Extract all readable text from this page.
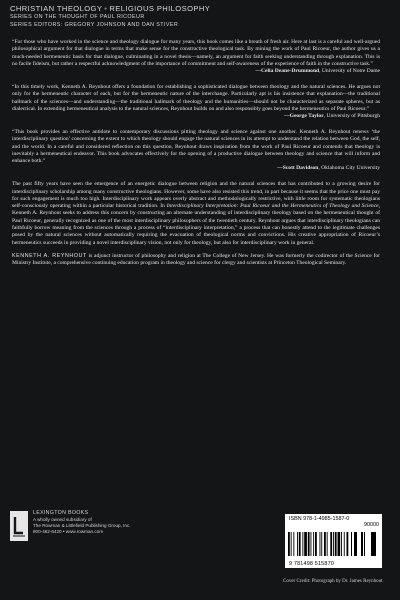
CHRISTIAN THEOLOGY • RELIGIOUS PHILOSOPHY
SERIES ON THE THOUGHT OF PAUL RICOEUR
SERIES EDITORS: GREGORY JOHNSON AND DAN STIVER

“For those who have worked in the science and theology dialogue for many years, this book comes like a breath of fresh air. Here at last is a careful and well-argued philosophical argument for that dialogue in terms that make sense for the constructive theological task. By mining the work of Paul Ricoeur, the author gives us a much-needed hermeneutic basis for that dialogue, culminating in a novel thesis—namely, an argument for faith seeking understanding through explanation. This is no facile fideism, but rather a respectful acknowledgment of the importance of commitment and self-awareness of the experience of faith in the constructive task.”

—Celia Deane-Drummond, University of Notre Dame

“In this timely work, Kenneth A. Reynhout offers a foundation for establishing a sophisticated dialogue between theology and the natural sciences. He argues not only for the hermeneutic character of each, but for the hermeneutic nature of the interchange. Particularly apt is his insistence that explanation—the traditional hallmark of the sciences—and understanding—the traditional hallmark of theology and the humanities—should not be characterized as separate spheres, but as dialectical. In extending hermeneutical analysis to the natural sciences, Reynhout builds on and also responsibly goes beyond the hermeneutics of Paul Ricoeur.”

—George Taylor, University of Pittsburgh

“This book provides an effective antidote to contemporary discussions pitting theology and science against one another. Kenneth A. Reynhout renews ‘the interdisciplinary question’ concerning the extent to which theology should engage the natural sciences in its attempt to understand the relation between God, the self, and the world. In a careful and considered reflection on this question, Reynhout draws inspiration from the work of Paul Ricoeur and contends that theology is inevitably a hermeneutical endeavor. This book advocates effectively for the opening of a productive dialogue between theology and science that will inform and enhance both.”

—Scott Davidson, Oklahoma City University

The past fifty years have seen the emergence of an energetic dialogue between religion and the natural sciences that has contributed to a growing desire for interdisciplinary scholarship among many constructive theologians. However, some have also resisted this trend, in part because it seems that the price one must pay for such engagement is much too high. Interdisciplinary work appears overly abstract and methodologically restrictive, with little room for systematic theologians self-consciously operating within a particular historical tradition. In Interdisciplinary Interpretation: Paul Ricoeur and the Hermeneutics of Theology and Science, Kenneth A. Reynhout seeks to address this concern by constructing an alternate understanding of interdisciplinary theology based on the hermeneutical thought of Paul Ricoeur, generally recognized as one of the most interdisciplinary philosophers of the twentieth century. Reynhout argues that interdisciplinary theologians can faithfully borrow meaning from the sciences through a process of “interdisciplinary interpretation,” a process that can honestly attend to the legitimate challenges posed by the natural sciences without automatically requiring the evacuation of theological norms and convictions. His creative appropriation of Ricoeur’s hermeneutics succeeds in providing a novel interdisciplinary vision, not only for theology, but also for interdisciplinary work in general.

KENNETH A. REYNHOUT is adjunct instructor of philosophy and religion at The College of New Jersey. He was formerly the codirector of the Science for Ministry Institute, a comprehensive continuing education program in theology and science for clergy and scientists at Princeton Theological Seminary.

LEXINGTON BOOKS
A wholly owned subsidiary of
The Rowman & Littlefield Publishing Group, Inc.
800-462-6420 • www.rowman.com
ISBN 978-1-4985-1587-0
90000
9 781498 515870
Cover Credit: Photograph by Dr. James Reynhout
